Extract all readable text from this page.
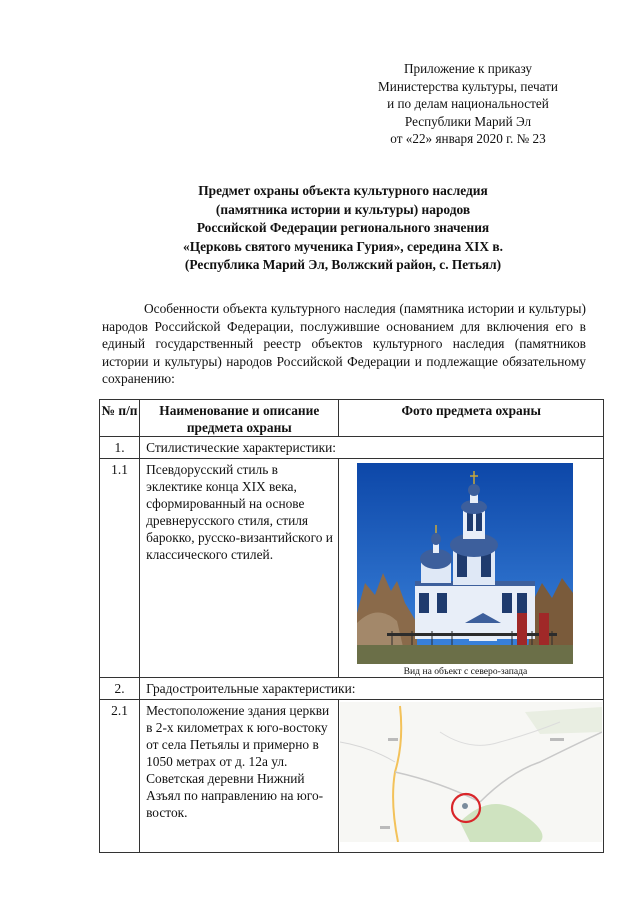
Приложение к приказу
Министерства культуры, печати
и по делам национальностей
Республики Марий Эл
от «22» января 2020 г. № 23
Предмет охраны объекта культурного наследия
(памятника истории и культуры) народов
Российской Федерации регионального значения
«Церковь святого мученика Гурия», середина XIX в.
(Республика Марий Эл, Волжский район, с. Петьял)
Особенности объекта культурного наследия (памятника истории и культуры) народов Российской Федерации, послужившие основанием для включения его в единый государственный реестр объектов культурного наследия (памятников истории и культуры) народов Российской Федерации и подлежащие обязательному сохранению:
№ п/п	Наименование и описание предмета охраны	Фото предмета охраны
1.	Стилистические характеристики:	
1.1	Псевдорусский стиль в эклектике конца XIX века, сформированный на основе древнерусского стиля, стиля барокко, русско-византийского и классического стилей.	Вид на объект с северо-запада

2.	Градостроительные характеристики:	
2.1	Местоположение здания церкви в 2-х километрах к юго-востоку от села Петьялы и примерно в 1050 метрах от д. 12а ул. Советская деревни Нижний Азъял по направлению на юго-восток.	
